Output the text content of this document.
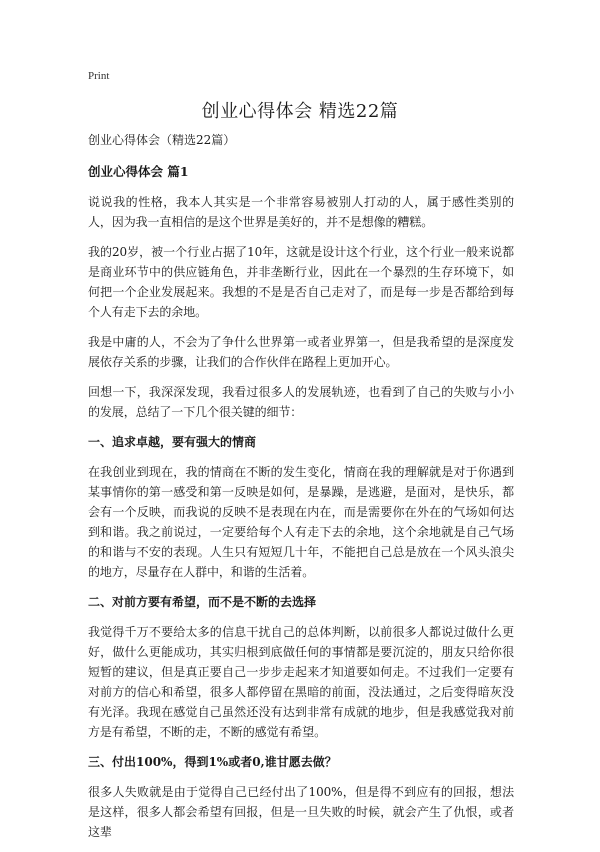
Print
创业心得体会 精选22篇

创业心得体会（精选22篇）

创业心得体会 篇1

说说我的性格，我本人其实是一个非常容易被别人打动的人，属于感性类别的人，因为我一直相信的是这个世界是美好的，并不是想像的糟糕。

我的20岁，被一个行业占据了10年，这就是设计这个行业，这个行业一般来说都是商业环节中的供应链角色，并非垄断行业，因此在一个暴烈的生存环境下，如何把一个企业发展起来。我想的不是是否自己走对了，而是每一步是否都给到每个人有走下去的余地。

我是中庸的人，不会为了争什么世界第一或者业界第一，但是我希望的是深度发展依存关系的步骤，让我们的合作伙伴在路程上更加开心。

回想一下，我深深发现，我看过很多人的发展轨迹，也看到了自己的失败与小小的发展，总结了一下几个很关键的细节：

一、追求卓越，要有强大的情商

在我创业到现在，我的情商在不断的发生变化，情商在我的理解就是对于你遇到某事情你的第一感受和第一反映是如何，是暴躁，是逃避，是面对，是快乐，都会有一个反映，而我说的反映不是表现在内在，而是需要你在外在的气场如何达到和谐。我之前说过，一定要给每个人有走下去的余地，这个余地就是自己气场的和谐与不安的表现。人生只有短短几十年，不能把自己总是放在一个风头浪尖的地方，尽量存在人群中，和谐的生活着。

二、对前方要有希望，而不是不断的去选择

我觉得千万不要给太多的信息干扰自己的总体判断，以前很多人都说过做什么更好，做什么更能成功，其实归根到底做任何的事情都是要沉淀的，朋友只给你很短暂的建议，但是真正要自己一步步走起来才知道要如何走。不过我们一定要有对前方的信心和希望，很多人都停留在黑暗的前面，没法通过，之后变得暗灰没有光泽。我现在感觉自己虽然还没有达到非常有成就的地步，但是我感觉我对前方是有希望，不断的走，不断的感觉有希望。

三、付出100%，得到1%或者0,谁甘愿去做？

很多人失败就是由于觉得自己已经付出了100%，但是得不到应有的回报，想法是这样，很多人都会希望有回报，但是一旦失败的时候，就会产生了仇恨，或者这辈
